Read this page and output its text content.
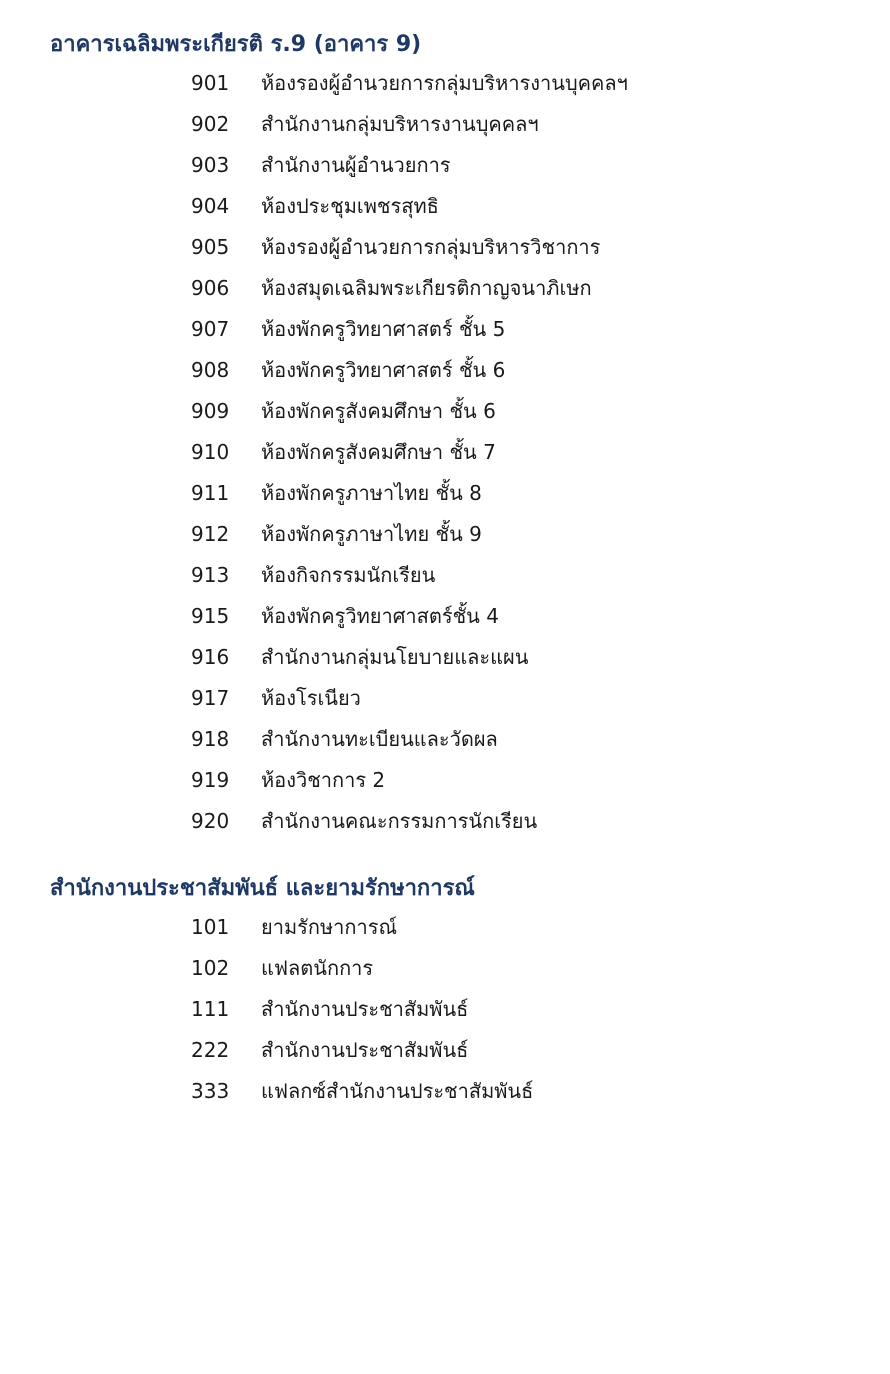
อาคารเฉลิมพระเกียรติ ร.9 (อาคาร 9)
901	ห้องรองผู้อำนวยการกลุ่มบริหารงานบุคคลฯ
902	สำนักงานกลุ่มบริหารงานบุคคลฯ
903	สำนักงานผู้อำนวยการ
904	ห้องประชุมเพชรสุทธิ
905	ห้องรองผู้อำนวยการกลุ่มบริหารวิชาการ
906	ห้องสมุดเฉลิมพระเกียรติกาญจนาภิเษก
907	ห้องพักครูวิทยาศาสตร์ ชั้น 5
908	ห้องพักครูวิทยาศาสตร์ ชั้น 6
909	ห้องพักครูสังคมศึกษา ชั้น 6
910	ห้องพักครูสังคมศึกษา ชั้น 7
911	ห้องพักครูภาษาไทย ชั้น 8
912	ห้องพักครูภาษาไทย ชั้น 9
913	ห้องกิจกรรมนักเรียน
915	ห้องพักครูวิทยาศาสตร์ชั้น 4
916	สำนักงานกลุ่มนโยบายและแผน
917	ห้องโรเนียว
918	สำนักงานทะเบียนและวัดผล
919	ห้องวิชาการ 2
920	สำนักงานคณะกรรมการนักเรียน
สำนักงานประชาสัมพันธ์ และยามรักษาการณ์
101	ยามรักษาการณ์
102	แฟลตนักการ
111	สำนักงานประชาสัมพันธ์
222	สำนักงานประชาสัมพันธ์
333	แฟลกซ์สำนักงานประชาสัมพันธ์
